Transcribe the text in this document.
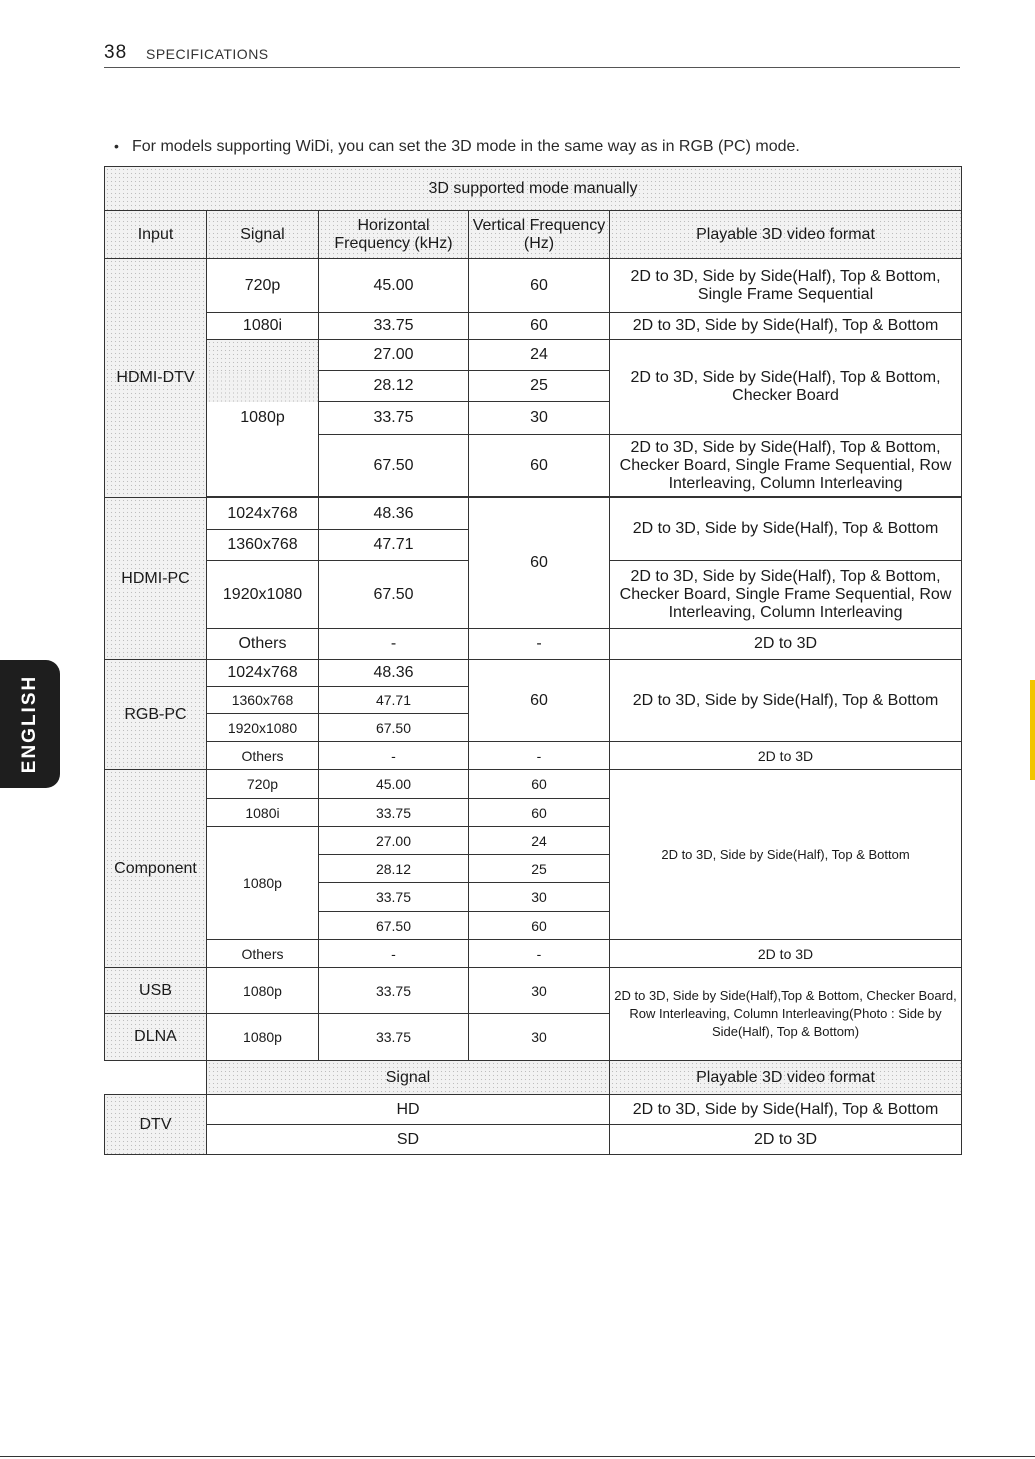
38 SPECIFICATIONS
• For models supporting WiDi, you can set the 3D mode in the same way as in RGB (PC) mode.
ENGLISH
3D supported mode manually				
Input	Signal	Horizontal Frequency (kHz)	Vertical Frequency (Hz)	Playable 3D video format
HDMI-DTV	720p	45.00	60	2D to 3D, Side by Side(Half), Top & Bottom, Single Frame Sequential
	1080i	33.75	60	2D to 3D, Side by Side(Half), Top & Bottom
		27.00	24	2D to 3D, Side by Side(Half), Top & Bottom, Checker Board
		28.12	25	
	1080p	33.75	30	
		67.50	60	2D to 3D, Side by Side(Half), Top & Bottom, Checker Board, Single Frame Sequential, Row Interleaving, Column Interleaving

HDMI-PC	1024x768	48.36	60	2D to 3D, Side by Side(Half), Top & Bottom
	1360x768	47.71		
	1920x1080	67.50		2D to 3D, Side by Side(Half), Top & Bottom, Checker Board, Single Frame Sequential, Row Interleaving, Column Interleaving
	Others	-	-	2D to 3D
RGB-PC	1024x768	48.36	60	2D to 3D, Side by Side(Half), Top & Bottom
	1360x768	47.71		
	1920x1080	67.50		
	Others	-	-	2D to 3D
Component	720p	45.00	60	2D to 3D, Side by Side(Half), Top & Bottom
	1080i	33.75	60	
	1080p	27.00	24	
		28.12	25	
		33.75	30	
		67.50	60	
	Others	-	-	2D to 3D
USB	1080p	33.75	30	2D to 3D, Side by Side(Half),Top & Bottom, Checker Board, Row Interleaving, Column Interleaving(Photo : Side by Side(Half), Top & Bottom)
DLNA	1080p	33.75	30	
	Signal			Playable 3D video format
DTV	HD			2D to 3D, Side by Side(Half), Top & Bottom
	SD			2D to 3D
